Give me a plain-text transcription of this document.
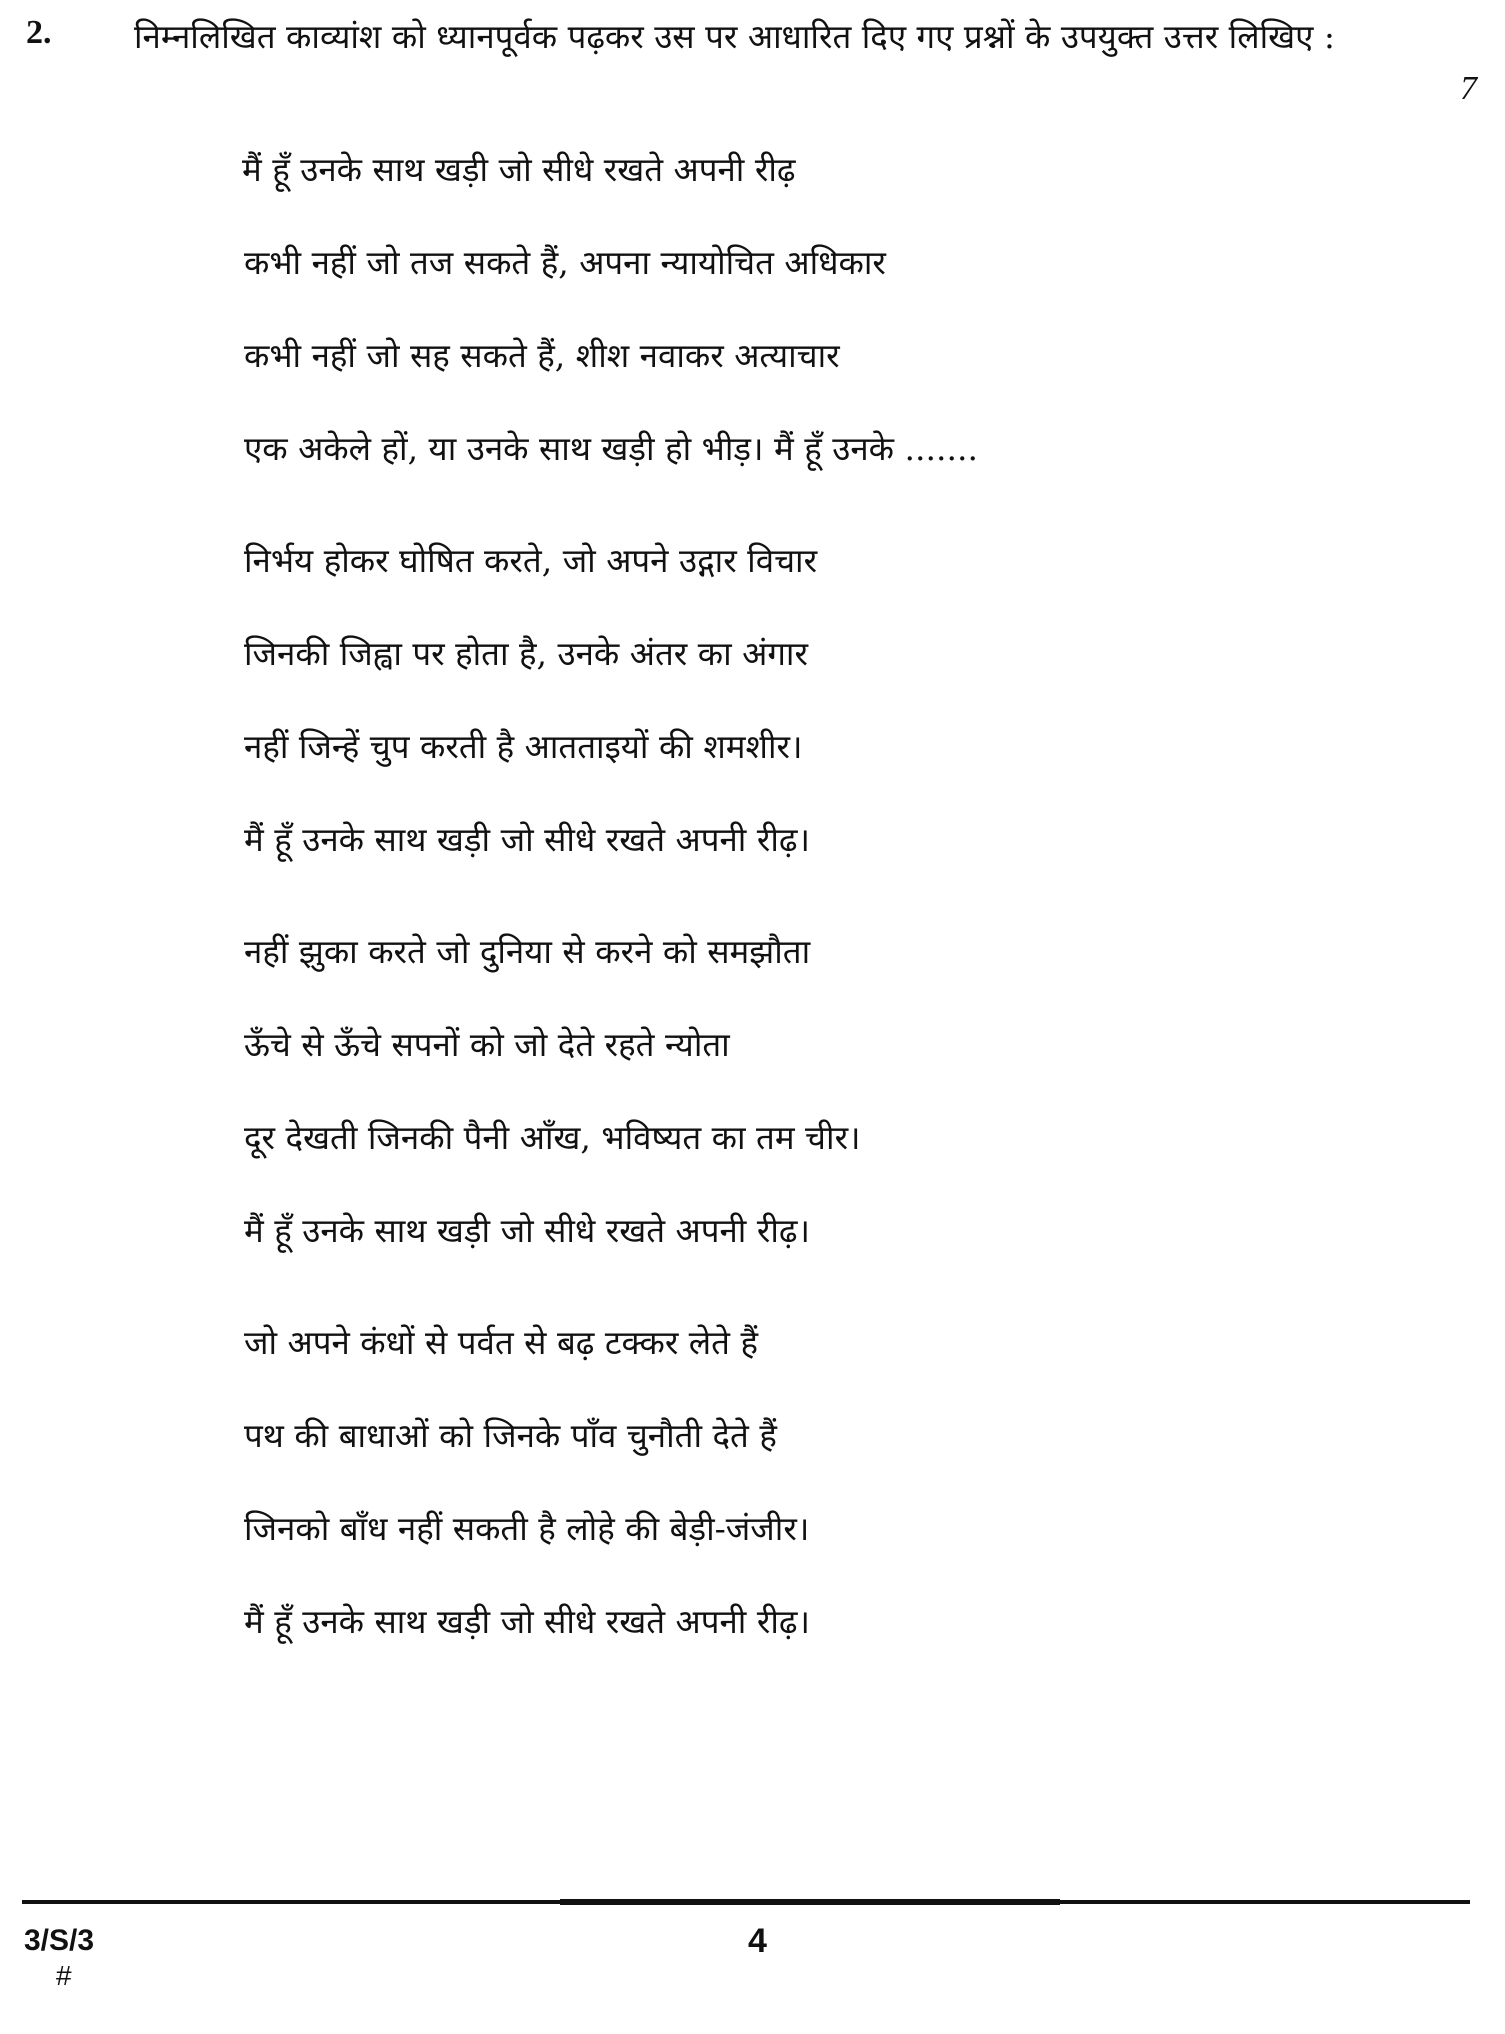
2.	निम्नलिखित काव्यांश को ध्यानपूर्वक पढ़कर उस पर आधारित दिए गए प्रश्नों के उपयुक्त उत्तर लिखिए :
7
मैं हूँ उनके साथ खड़ी जो सीधे रखते अपनी रीढ़
कभी नहीं जो तज सकते हैं, अपना न्यायोचित अधिकार
कभी नहीं जो सह सकते हैं, शीश नवाकर अत्याचार
एक अकेले हों, या उनके साथ खड़ी हो भीड़। मैं हूँ उनके .......
निर्भय होकर घोषित करते, जो अपने उद्गार विचार
जिनकी जिह्वा पर होता है, उनके अंतर का अंगार
नहीं जिन्हें चुप करती है आतताइयों की शमशीर।
मैं हूँ उनके साथ खड़ी जो सीधे रखते अपनी रीढ़।
नहीं झुका करते जो दुनिया से करने को समझौता
ऊँचे से ऊँचे सपनों को जो देते रहते न्योता
दूर देखती जिनकी पैनी आँख, भविष्यत का तम चीर।
मैं हूँ उनके साथ खड़ी जो सीधे रखते अपनी रीढ़।
जो अपने कंधों से पर्वत से बढ़ टक्कर लेते हैं
पथ की बाधाओं को जिनके पाँव चुनौती देते हैं
जिनको बाँध नहीं सकती है लोहे की बेड़ी-जंजीर।
मैं हूँ उनके साथ खड़ी जो सीधे रखते अपनी रीढ़।
3/S/3
#
4
